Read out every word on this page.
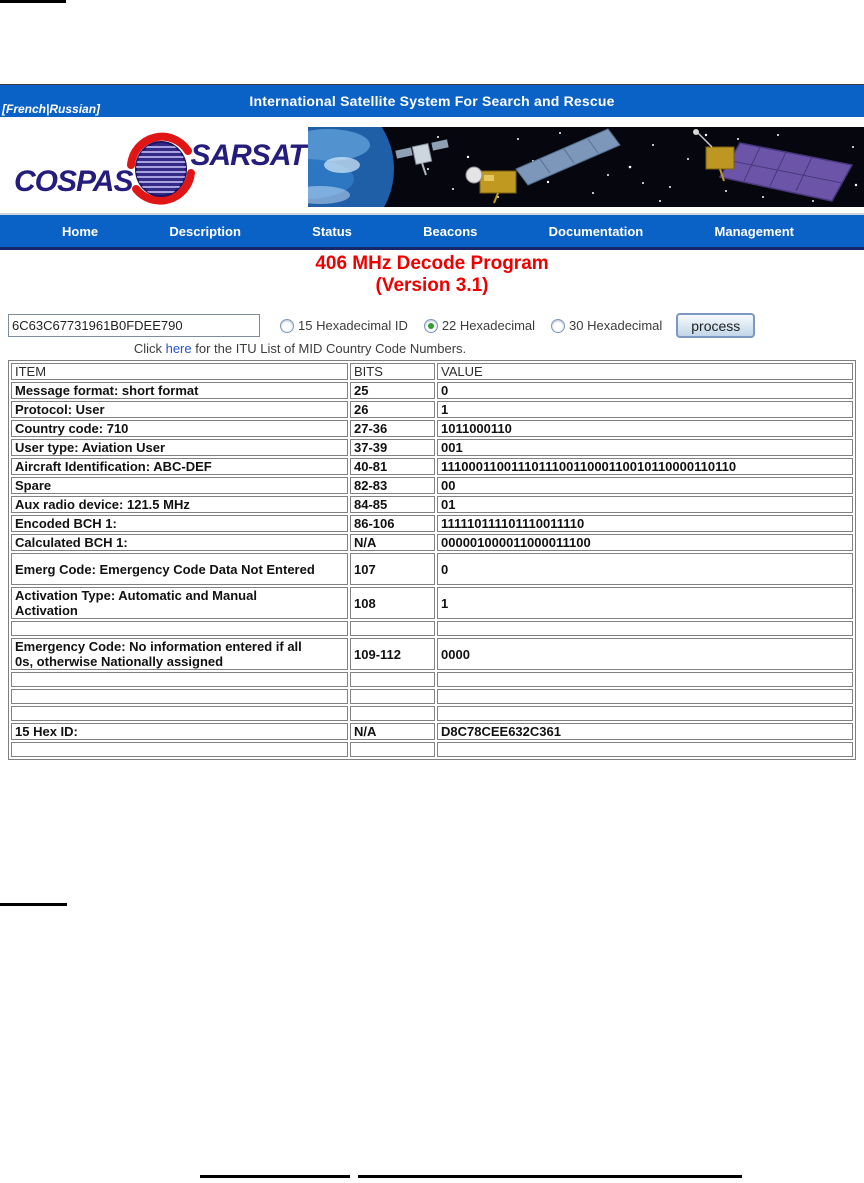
International Satellite System For Search and Rescue
[French|Russian]
COSPAS
SARSAT
Home	Description	Status	Beacons	Documentation	Management
406 MHz Decode Program
(Version 3.1)
6C63C67731961B0FDEE790
15 Hexadecimal ID	22 Hexadecimal	30 Hexadecimal	process
Click here for the ITU List of MID Country Code Numbers.
ITEM	BITS	VALUE

Message format: short format	25	0

Protocol: User	26	1

Country code: 710	27-36	1011000110

User type: Aviation User	37-39	001

Aircraft Identification: ABC-DEF	40-81	111000110011101110011000110010110000110110

Spare	82-83	00

Aux radio device: 121.5 MHz	84-85	01

Encoded BCH 1:	86-106	111110111101110011110

Calculated BCH 1:	N/A	000001000011000011100

Emerg Code: Emergency Code Data Not Entered	107	0

Activation Type: Automatic and Manual Activation	108	1

Emergency Code: No information entered if all 0s, otherwise Nationally assigned	109-112	0000

15 Hex ID:	N/A	D8C78CEE632C361
